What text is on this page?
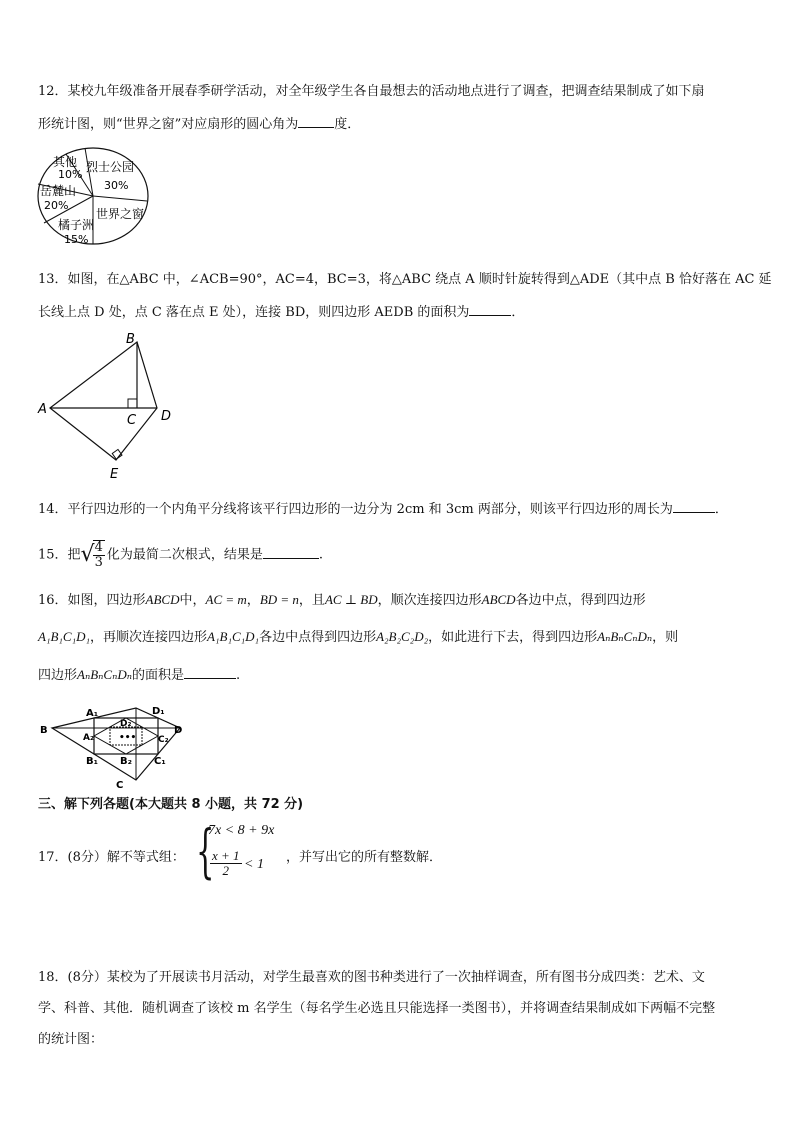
12．某校九年级准备开展春季研学活动，对全年级学生各自最想去的活动地点进行了调查，把调查结果制成了如下扇
形统计图，则“世界之窗”对应扇形的圆心角为	度．
其他
10%
烈士公园
30%
岳麓山
20%
世界之窗
橘子洲
15%
13．如图，在△ABC 中，∠ACB=90°，AC=4，BC=3，将△ABC 绕点 A 顺时针旋转得到△ADE（其中点 B 恰好落在 AC 延
长线上点 D 处，点 C 落在点 E 处），连接 BD，则四边形 AEDB 的面积为	．
B
A
C D
E
14．平行四边形的一个内角平分线将该平行四边形的一边分为 2cm 和 3cm 两部分，则该平行四边形的周长为	．
15．把√
$\frac{4}{3}$ 化为最简二次根式，结果是	.
16．如图，四边形ABCD中，AC = m，BD = n，且AC ⊥ BD，顺次连接四边形ABCD各边中点，得到四边形
A₁B₁C₁D₁，再顺次连接四边形A₁B₁C₁D₁各边中点得到四边形A₂B₂C₂D₂，如此进行下去，得到四边形AₙBₙCₙDₙ，则
四边形AₙBₙCₙDₙ的面积是	.
A₁	D₁
D₂
A₂
B	D
••• C₂
B₁ B₂ C₁
C
三、解下列各题(本大题共 8 小题，共 72 分)
17．(8分）解不等式组： {
7x < 8 + 9x
$\frac{x + 1}{2} < 1$ ，并写出它的所有整数解．
18．(8分）某校为了开展读书月活动，对学生最喜欢的图书种类进行了一次抽样调查，所有图书分成四类：艺术、文
学、科普、其他．随机调查了该校 m 名学生（每名学生必选且只能选择一类图书），并将调查结果制成如下两幅不完整
的统计图：
